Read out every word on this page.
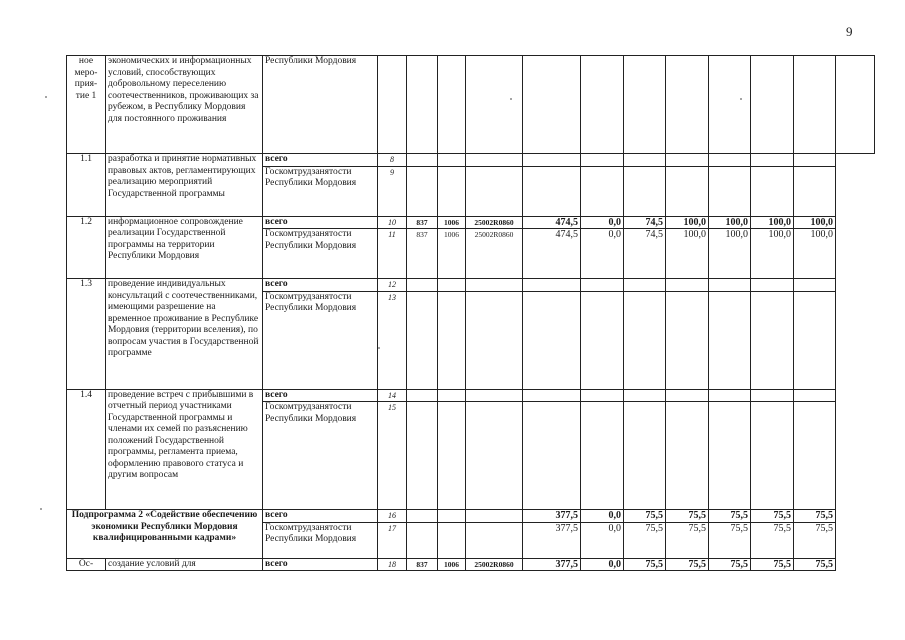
9
ное меро-прия-тие 1	экономических и информационных условий, способствующих добровольному переселению соотечественников, проживающих за рубежом, в Республику Мордовия для постоянного проживания	Республики Мордовия												
1.1	разработка и принятие нормативных правовых актов, регламентирующих реализацию мероприятий Государственной программы	всего	8											
		Госкомтрудзанятости Республики Мордовия	9											
1.2	информационное сопровождение реализации Государственной программы на территории Республики Мордовия	всего	10	837	1006	25002R0860	474,5	0,0	74,5	100,0	100,0	100,0	100,0	
		Госкомтрудзанятости Республики Мордовия	11	837	1006	25002R0860	474,5	0,0	74,5	100,0	100,0	100,0	100,0	
1.3	проведение индивидуальных консультаций с соотечественниками, имеющими разрешение на временное проживание в Республике Мордовия (территории вселения), по вопросам участия в Государственной программе	всего	12											
		Госкомтрудзанятости Республики Мордовия	13											
1.4	проведение встреч с прибывшими в отчетный период участниками Государственной программы и членами их семей по разъяснению положений Государственной программы, регламента приема, оформлению правового статуса и другим вопросам	всего	14											
		Госкомтрудзанятости Республики Мордовия	15											
Подпрограмма 2 «Содействие обеспечению экономики Республики Мордовия квалифицированными кадрами»		всего	16				377,5	0,0	75,5	75,5	75,5	75,5	75,5	
		Госкомтрудзанятости Республики Мордовия	17				377,5	0,0	75,5	75,5	75,5	75,5	75,5	
Ос-	создание условий для	всего	18	837	1006	25002R0860	377,5	0,0	75,5	75,5	75,5	75,5	75,5	
